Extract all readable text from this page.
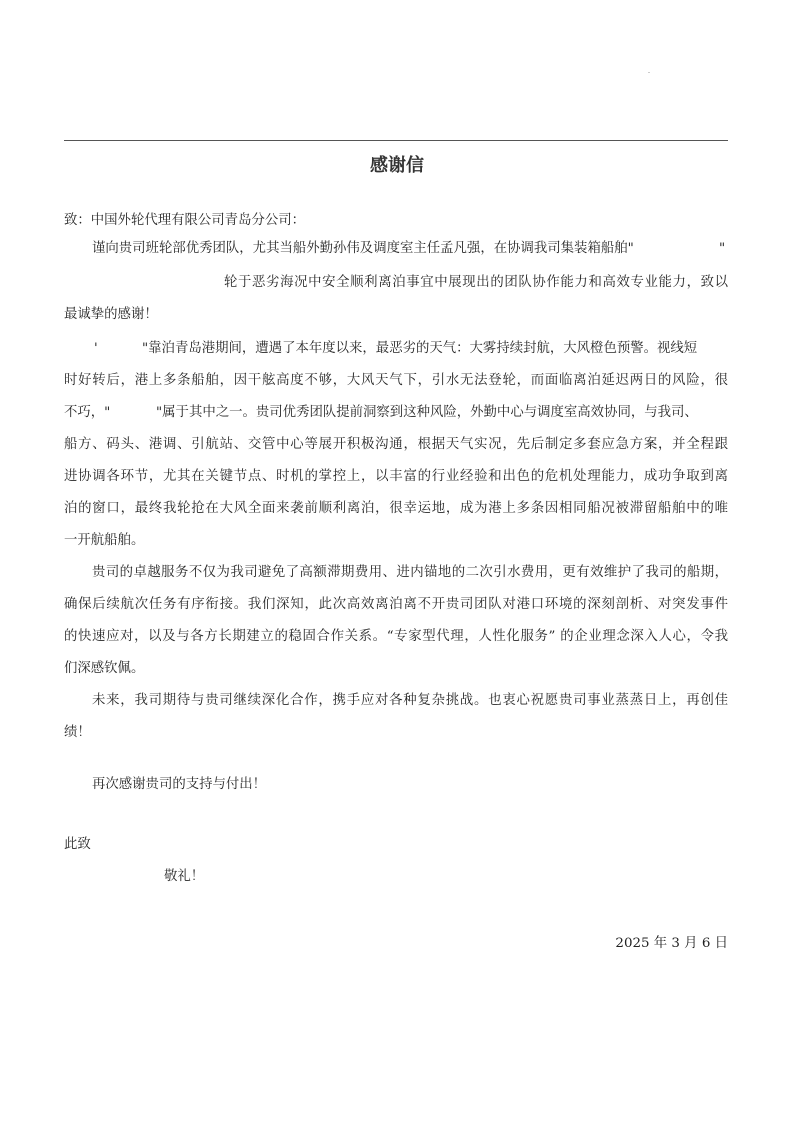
感谢信
致：中国外轮代理有限公司青岛分公司：
谨向贵司班轮部优秀团队，尤其当船外勤孙伟及调度室主任孟凡强，在协调我司集装箱船舶"	"
轮于恶劣海况中安全顺利离泊事宜中展现出的团队协作能力和高效专业能力，致以
最诚挚的感谢！
'	"靠泊青岛港期间，遭遇了本年度以来，最恶劣的天气：大雾持续封航，大风橙色预警。视线短
时好转后，港上多条船舶，因干舷高度不够，大风天气下，引水无法登轮，而面临离泊延迟两日的风险，很
不巧，"	"属于其中之一。贵司优秀团队提前洞察到这种风险，外勤中心与调度室高效协同，与我司、
船方、码头、港调、引航站、交管中心等展开积极沟通，根据天气实况，先后制定多套应急方案，并全程跟
进协调各环节，尤其在关键节点、时机的掌控上，以丰富的行业经验和出色的危机处理能力，成功争取到离
泊的窗口，最终我轮抢在大风全面来袭前顺利离泊，很幸运地，成为港上多条因相同船况被滞留船舶中的唯
一开航船舶。
贵司的卓越服务不仅为我司避免了高额滞期费用、进内锚地的二次引水费用，更有效维护了我司的船期，
确保后续航次任务有序衔接。我们深知，此次高效离泊离不开贵司团队对港口环境的深刻剖析、对突发事件
的快速应对，以及与各方长期建立的稳固合作关系。“专家型代理，人性化服务” 的企业理念深入人心，令我
们深感钦佩。
未来，我司期待与贵司继续深化合作，携手应对各种复杂挑战。也衷心祝愿贵司事业蒸蒸日上，再创佳
绩！
再次感谢贵司的支持与付出！
此致
敬礼！
2025 年 3 月 6 日
